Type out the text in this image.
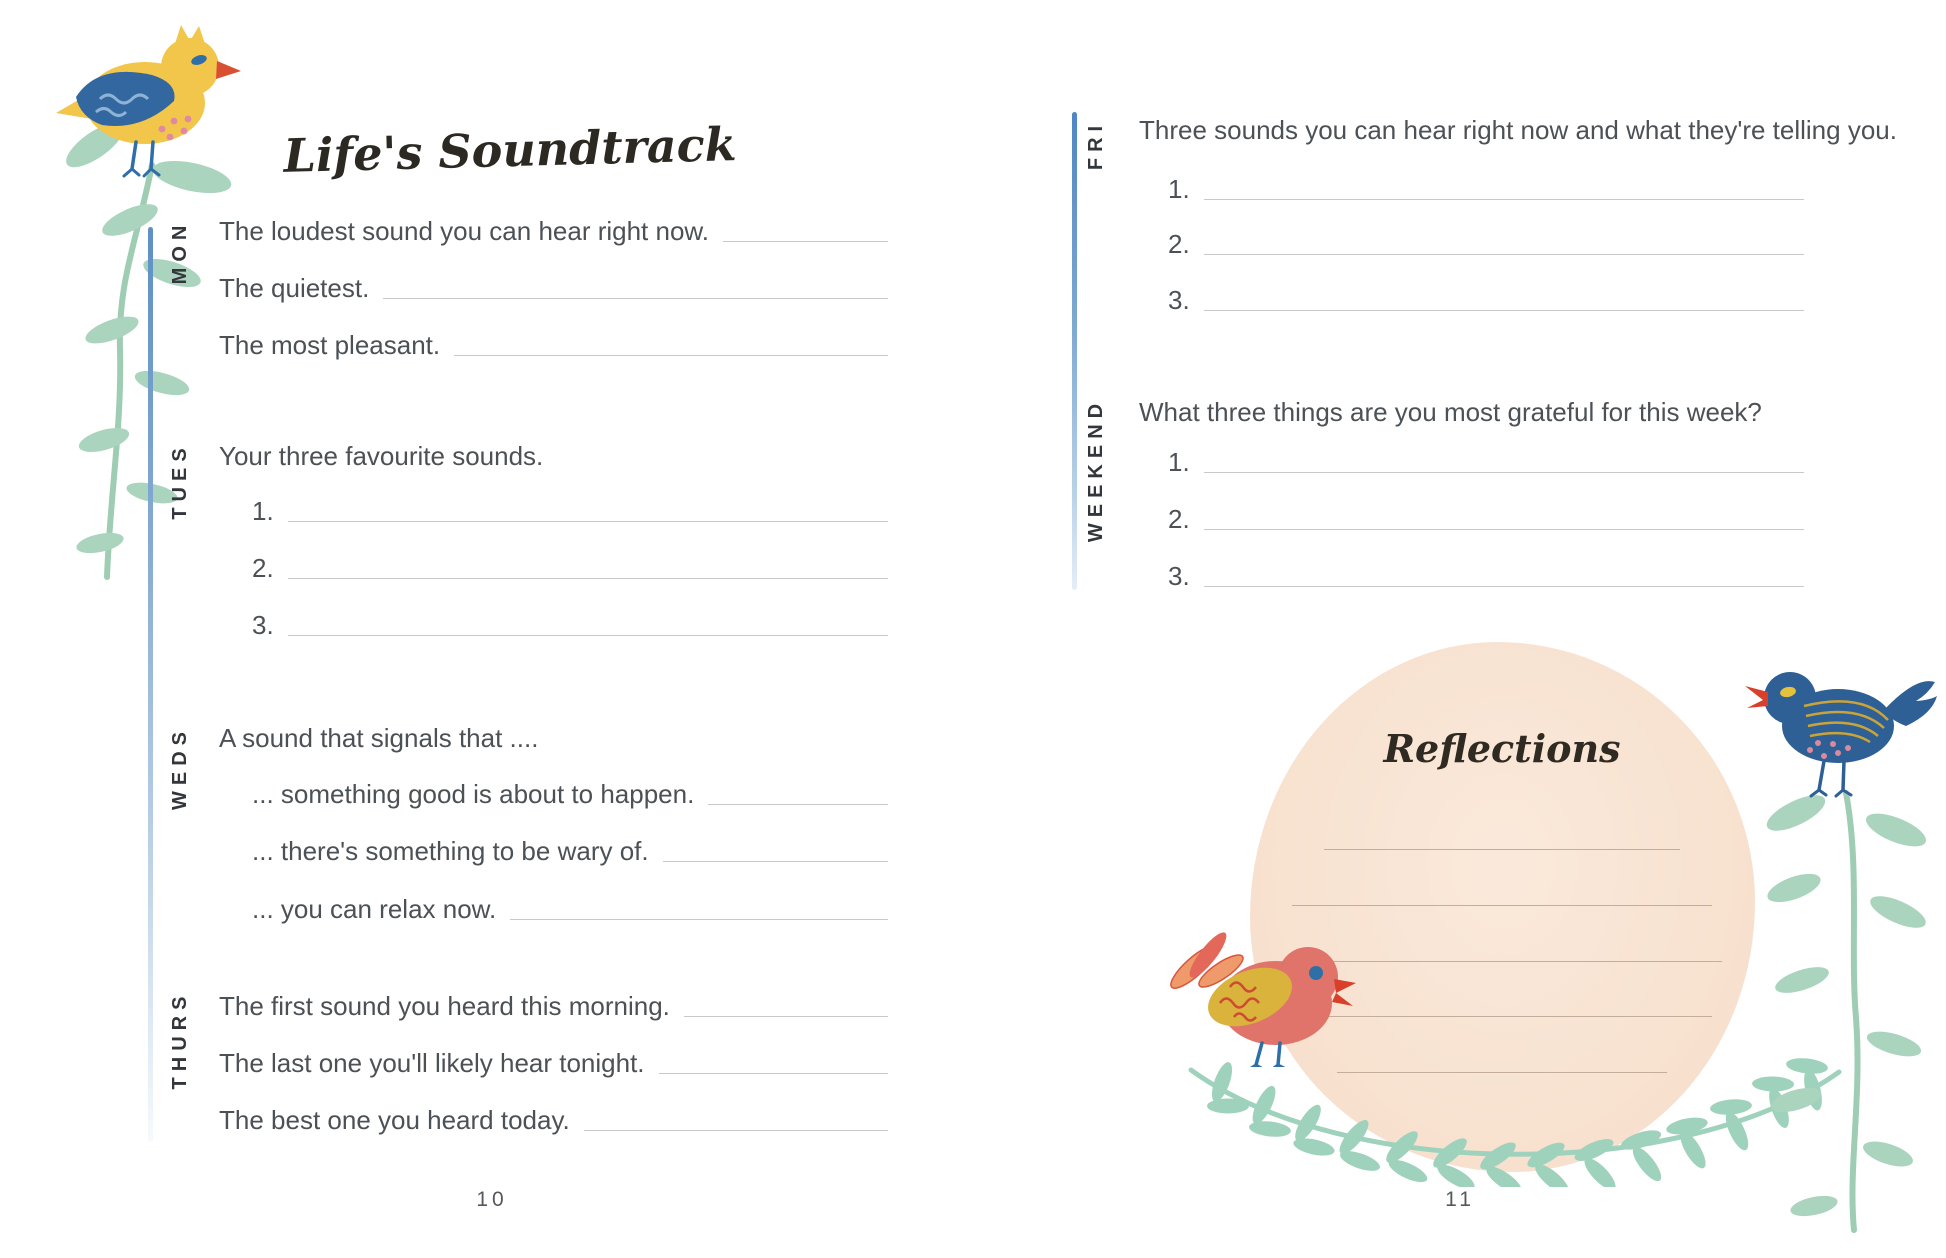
Life's Soundtrack
MON The loudest sound you can hear right now.
The quietest.
The most pleasant.
TUES Your three favourite sounds.
1.
2.
3.
WEDS A sound that signals that ....
... something good is about to happen.
... there's something to be wary of.
... you can relax now.
THURS The first sound you heard this morning.
The last one you'll likely hear tonight.
The best one you heard today.
10
FRI Three sounds you can hear right now and what they're telling you.
1.
2.
3.
WEEKEND What three things are you most grateful for this week?
1.
2.
3.
11
Reflections
